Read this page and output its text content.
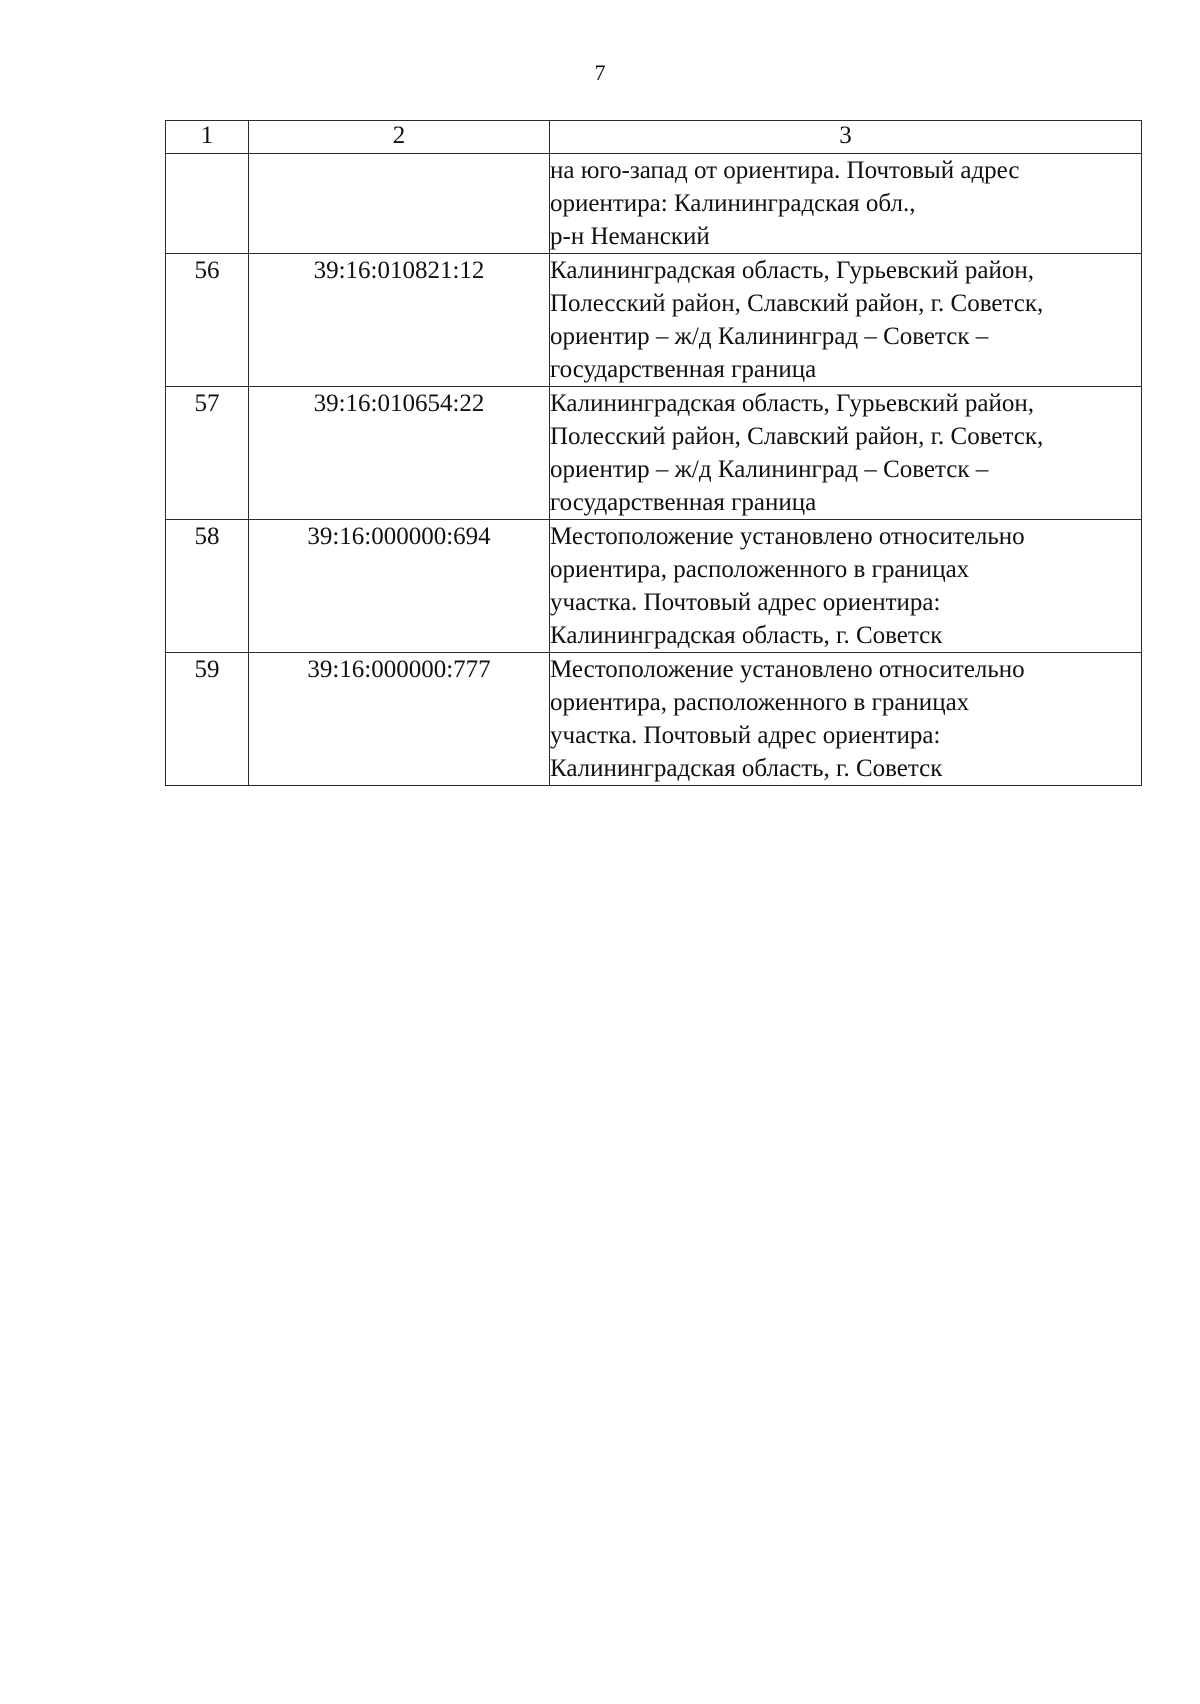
7
1	2	3

		на юго-запад от ориентира. Почтовый адрес
ориентира: Калининградская обл.,
р-н Неманский

56	39:16:010821:12	Калининградская область, Гурьевский район,
Полесский район, Славский район, г. Советск,
ориентир – ж/д Калининград – Советск –
государственная граница

57	39:16:010654:22	Калининградская область, Гурьевский район,
Полесский район, Славский район, г. Советск,
ориентир – ж/д Калининград – Советск –
государственная граница

58	39:16:000000:694	Местоположение установлено относительно
ориентира, расположенного в границах
участка. Почтовый адрес ориентира:
Калининградская область, г. Советск

59	39:16:000000:777	Местоположение установлено относительно
ориентира, расположенного в границах
участка. Почтовый адрес ориентира:
Калининградская область, г. Советск
